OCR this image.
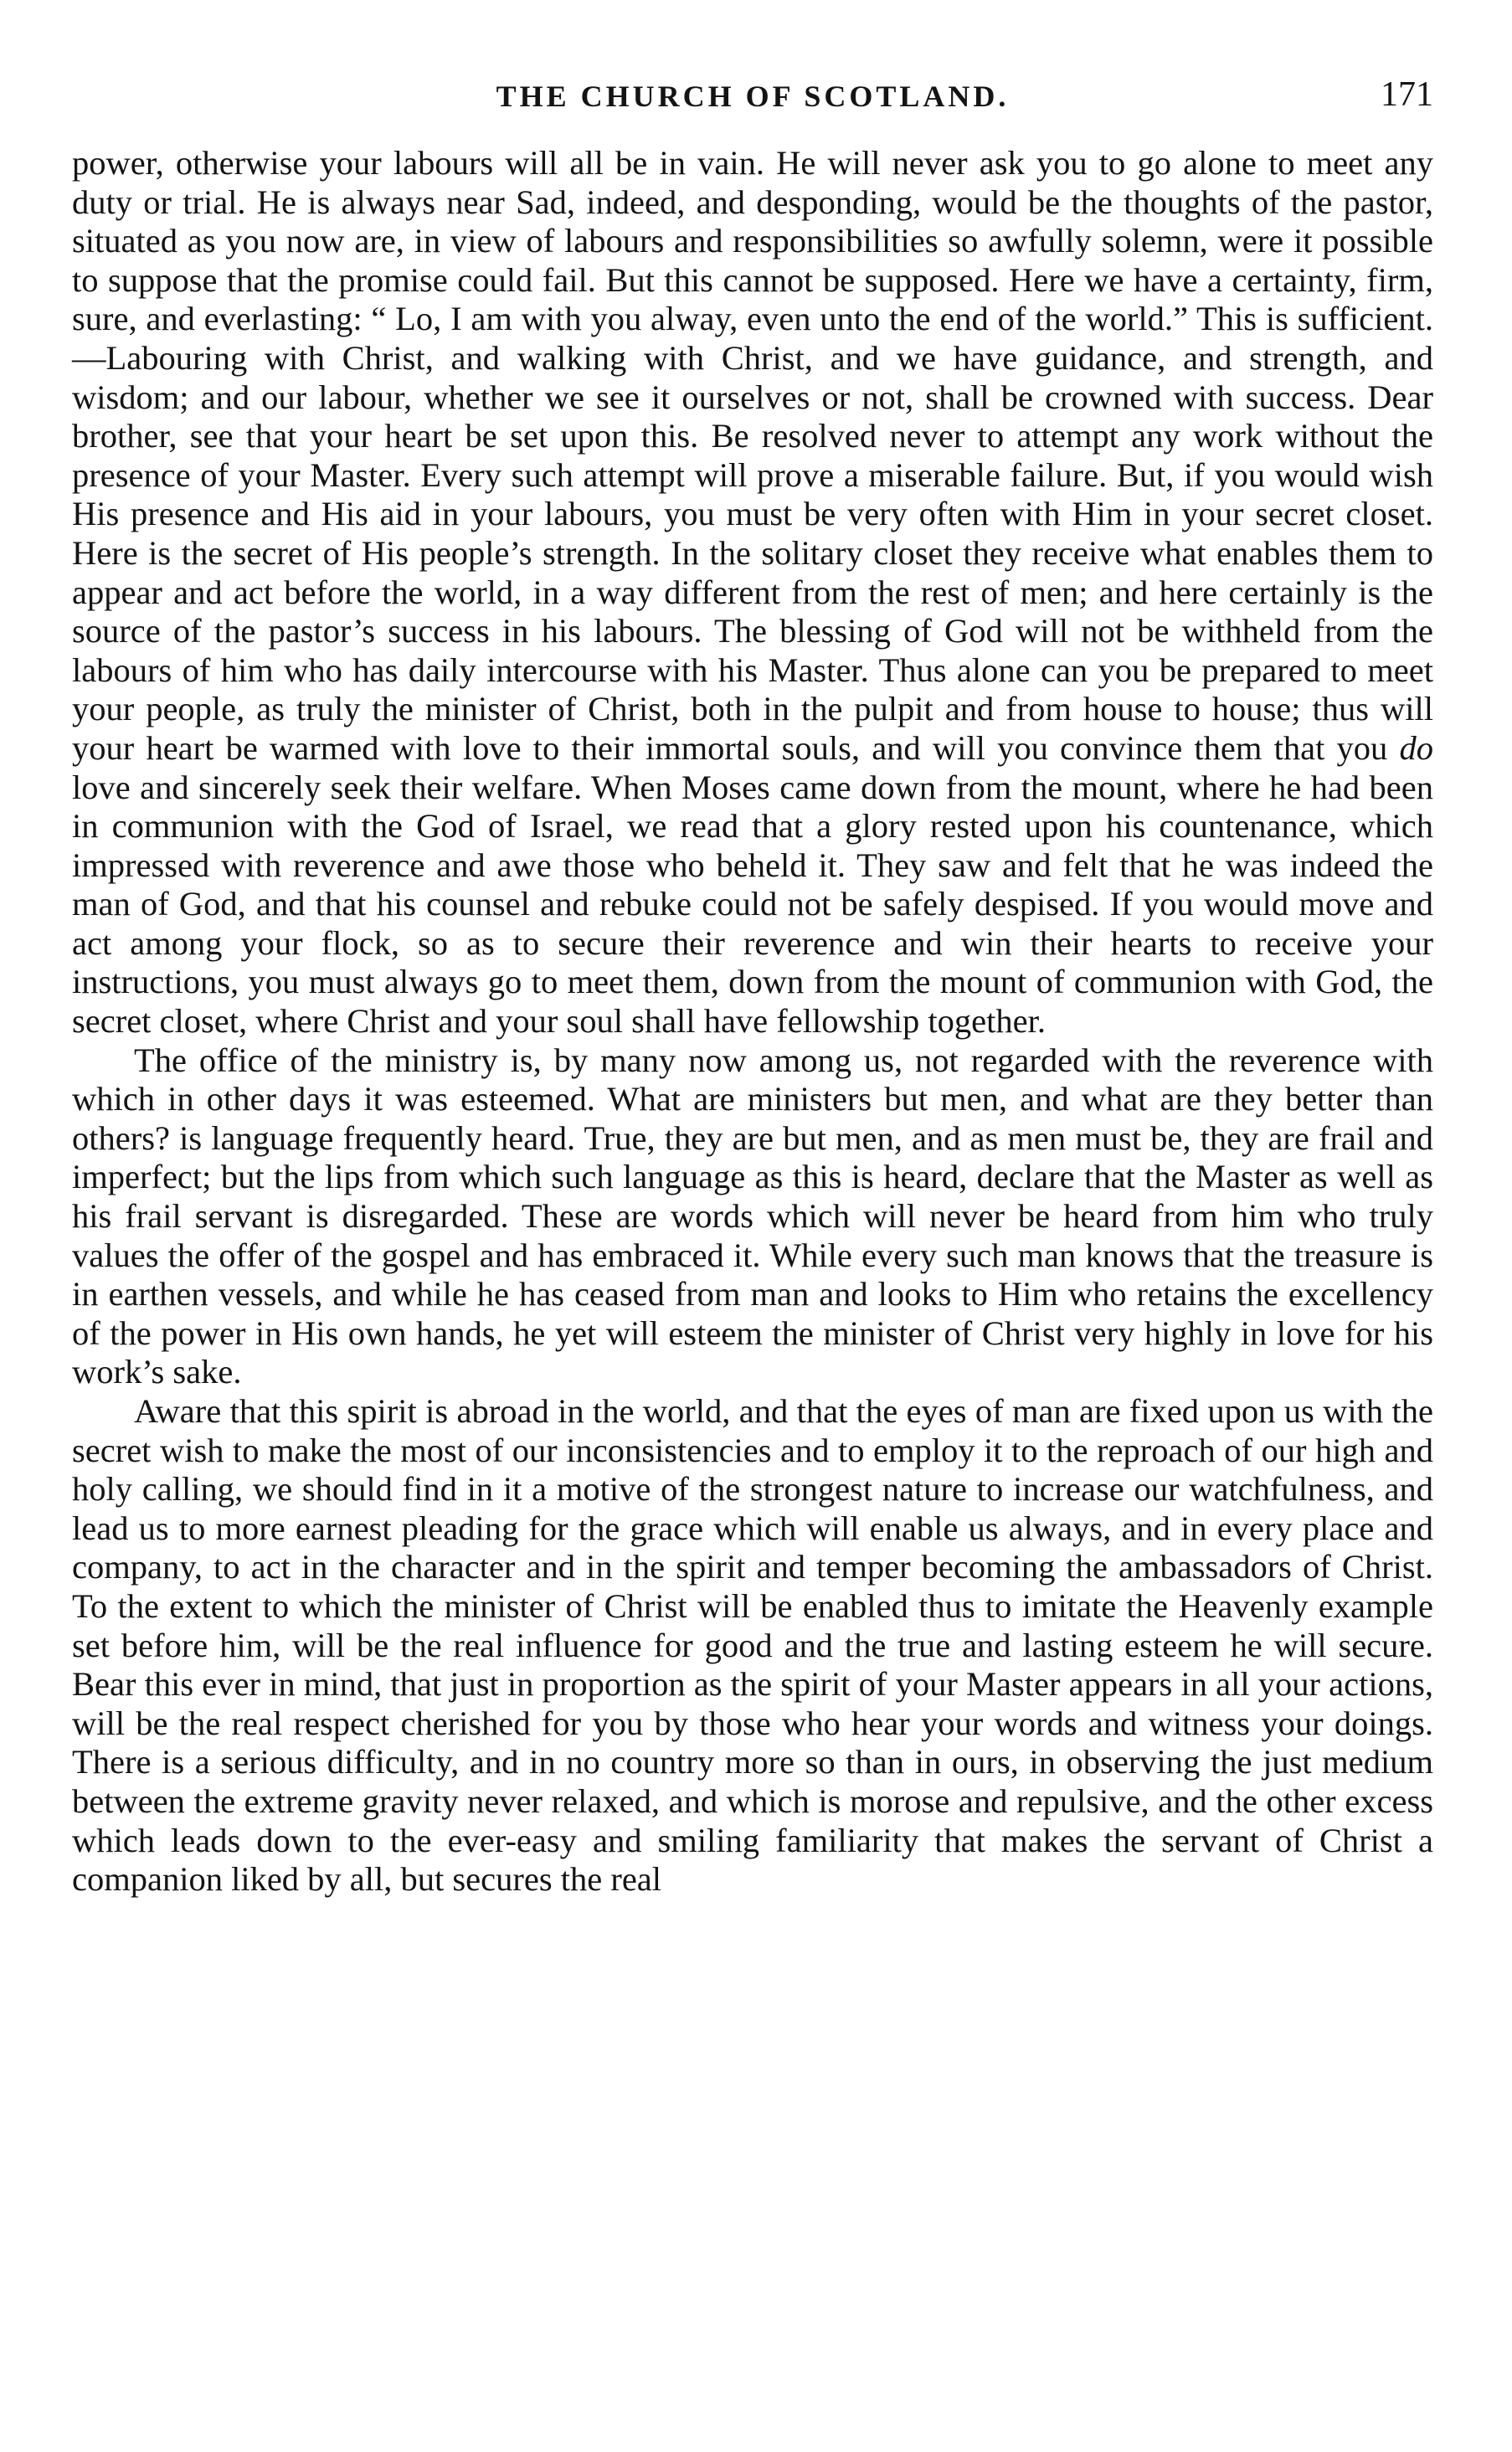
THE CHURCH OF SCOTLAND.	171

power, otherwise your labours will all be in vain. He will never ask you to go alone to meet any duty or trial. He is always near Sad, indeed, and desponding, would be the thoughts of the pastor, situated as you now are, in view of labours and responsibilities so awfully solemn, were it possible to suppose that the promise could fail. But this cannot be supposed. Here we have a certainty, firm, sure, and everlasting: “ Lo, I am with you alway, even unto the end of the world.” This is sufficient.—Labouring with Christ, and walking with Christ, and we have guidance, and strength, and wisdom; and our labour, whether we see it ourselves or not, shall be crowned with success. Dear brother, see that your heart be set upon this. Be resolved never to attempt any work without the presence of your Master. Every such attempt will prove a miserable failure. But, if you would wish His presence and His aid in your labours, you must be very often with Him in your secret closet. Here is the secret of His people’s strength. In the solitary closet they receive what enables them to appear and act before the world, in a way different from the rest of men; and here certainly is the source of the pastor’s success in his labours. The blessing of God will not be withheld from the labours of him who has daily intercourse with his Master. Thus alone can you be prepared to meet your people, as truly the minister of Christ, both in the pulpit and from house to house; thus will your heart be warmed with love to their immortal souls, and will you convince them that you do love and sincerely seek their welfare. When Moses came down from the mount, where he had been in communion with the God of Israel, we read that a glory rested upon his countenance, which impressed with reverence and awe those who beheld it. They saw and felt that he was indeed the man of God, and that his counsel and rebuke could not be safely despised. If you would move and act among your flock, so as to secure their reverence and win their hearts to receive your instructions, you must always go to meet them, down from the mount of communion with God, the secret closet, where Christ and your soul shall have fellowship together.

The office of the ministry is, by many now among us, not regarded with the reverence with which in other days it was esteemed. What are ministers but men, and what are they better than others? is language frequently heard. True, they are but men, and as men must be, they are frail and imperfect; but the lips from which such language as this is heard, declare that the Master as well as his frail servant is disregarded. These are words which will never be heard from him who truly values the offer of the gospel and has embraced it. While every such man knows that the treasure is in earthen vessels, and while he has ceased from man and looks to Him who retains the excellency of the power in His own hands, he yet will esteem the minister of Christ very highly in love for his work’s sake.

Aware that this spirit is abroad in the world, and that the eyes of man are fixed upon us with the secret wish to make the most of our inconsistencies and to employ it to the reproach of our high and holy calling, we should find in it a motive of the strongest nature to increase our watchfulness, and lead us to more earnest pleading for the grace which will enable us always, and in every place and company, to act in the character and in the spirit and temper becoming the ambassadors of Christ. To the extent to which the minister of Christ will be enabled thus to imitate the Heavenly example set before him, will be the real influence for good and the true and lasting esteem he will secure. Bear this ever in mind, that just in proportion as the spirit of your Master appears in all your actions, will be the real respect cherished for you by those who hear your words and witness your doings. There is a serious difficulty, and in no country more so than in ours, in observing the just medium between the extreme gravity never relaxed, and which is morose and repulsive, and the other excess which leads down to the ever-easy and smiling familiarity that makes the servant of Christ a companion liked by all, but secures the real
